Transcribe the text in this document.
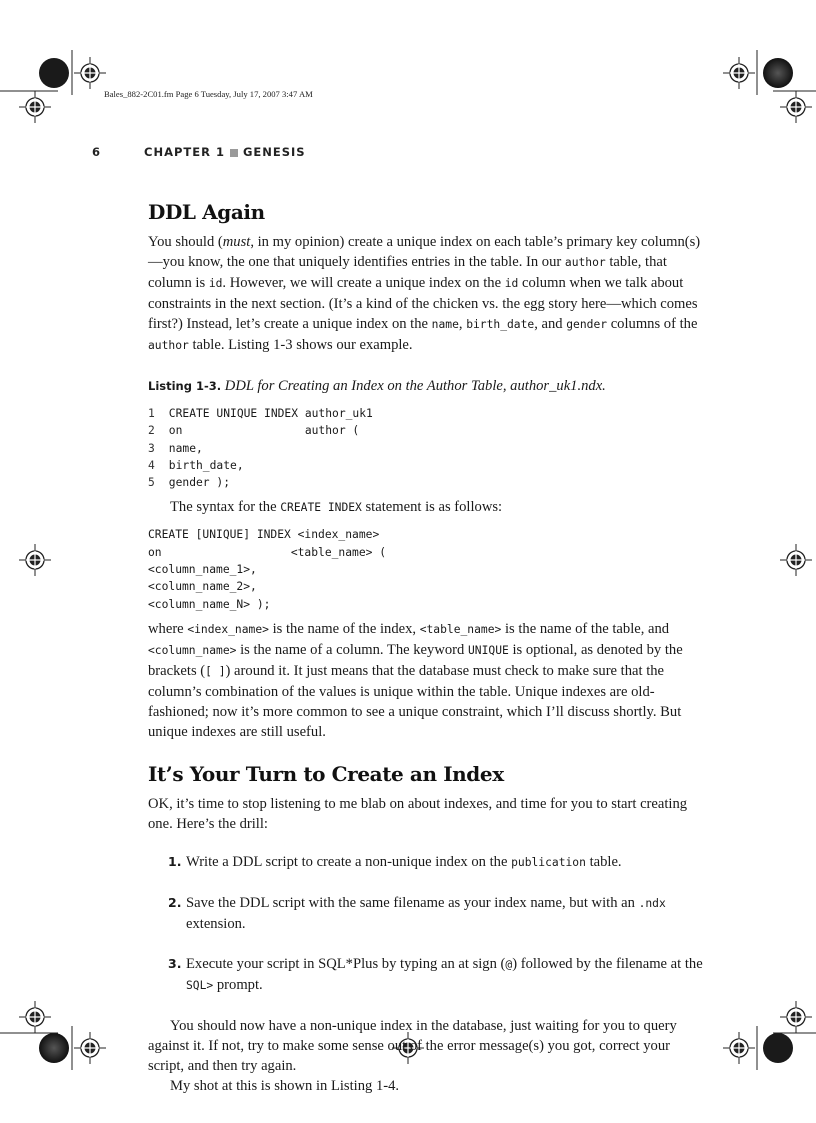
Bales_882-2C01.fm Page 6 Tuesday, July 17, 2007 3:47 AM
6	CHAPTER 1 GENESIS
DDL Again

You should (must, in my opinion) create a unique index on each table’s primary key column(s)—you know, the one that uniquely identifies entries in the table. In our author table, that column is id. However, we will create a unique index on the id column when we talk about constraints in the next section. (It’s a kind of the chicken vs. the egg story here—which comes first?) Instead, let’s create a unique index on the name, birth_date, and gender columns of the author table. Listing 1-3 shows our example.

Listing 1-3. DDL for Creating an Index on the Author Table, author_uk1.ndx.
1 CREATE UNIQUE INDEX author_uk1
2 on                  author (
3 name,
4 birth_date,
5 gender );

The syntax for the CREATE INDEX statement is as follows:

CREATE [UNIQUE] INDEX <index_name>
on                   <table_name> (
<column_name_1>,
<column_name_2>,
<column_name_N> );

where <index_name> is the name of the index, <table_name> is the name of the table, and <column_name> is the name of a column. The keyword UNIQUE is optional, as denoted by the brackets ([ ]) around it. It just means that the database must check to make sure that the column’s combination of the values is unique within the table. Unique indexes are old-fashioned; now it’s more common to see a unique constraint, which I’ll discuss shortly. But unique indexes are still useful.

It’s Your Turn to Create an Index

OK, it’s time to stop listening to me blab on about indexes, and time for you to start creating one. Here’s the drill:

1. Write a DDL script to create a non-unique index on the publication table.
2. Save the DDL script with the same filename as your index name, but with an .ndx extension.
3. Execute your script in SQL*Plus by typing an at sign (@) followed by the filename at the SQL> prompt.

You should now have a non-unique index in the database, just waiting for you to query against it. If not, try to make some sense out of the error message(s) you got, correct your script, and then try again.

My shot at this is shown in Listing 1-4.
